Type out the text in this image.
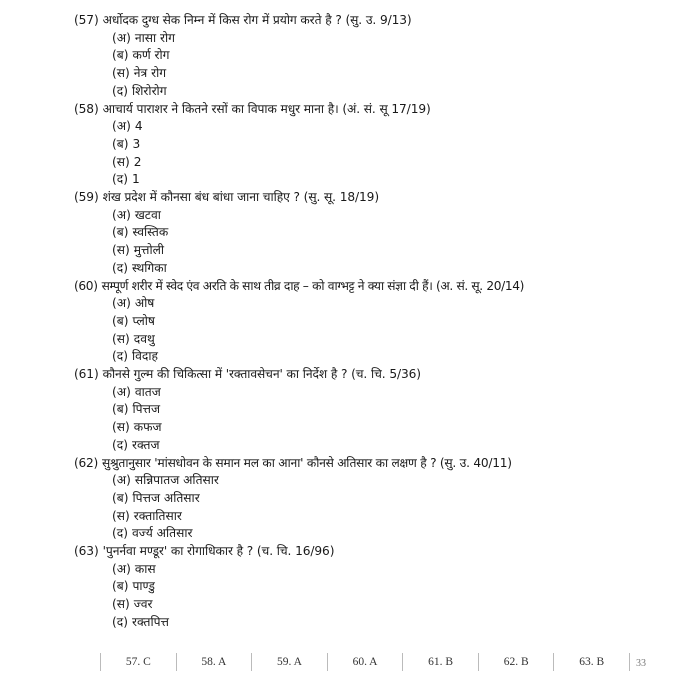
(57) अर्धोदक दुग्ध सेक निम्न में किस रोग में प्रयोग करते है ? (सु. उ. 9/13)
(अ) नासा रोग
(ब) कर्ण रोग
(स) नेत्र रोग
(द) शिरोरोग
(58) आचार्य पाराशर ने कितने रसों का विपाक मधुर माना है। (अं. सं. सू 17/19)
(अ) 4
(ब) 3
(स) 2
(द) 1
(59) शंख प्रदेश में कौनसा बंध बांधा जाना चाहिए ? (सु. सू. 18/19)
(अ) खटवा
(ब) स्वस्तिक
(स) मुत्तोली
(द) स्थगिका
(60) सम्पूर्ण शरीर में स्वेद एंव अरति के साथ तीव्र दाह – को वाग्भट्ट ने क्या संज्ञा दी हैं। (अ. सं. सू. 20/14)
(अ) ओष
(ब) प्लोष
(स) दवथु
(द) विदाह
(61) कौनसे गुल्म की चिकित्सा में 'रक्तावसेचन' का निर्देश है ? (च. चि. 5/36)
(अ) वातज
(ब) पित्तज
(स) कफज
(द) रक्तज
(62) सुश्रुतानुसार 'मांसधोवन के समान मल का आना' कौनसे अतिसार का लक्षण है ? (सु. उ. 40/11)
(अ) सन्निपातज अतिसार
(ब) पित्तज अतिसार
(स) रक्तातिसार
(द) वर्ज्य अतिसार
(63) 'पुनर्नवा मण्डूर' का रोगाधिकार है ? (च. चि. 16/96)
(अ) कास
(ब) पाण्डु
(स) ज्वर
(द) रक्तपित्त
57. C	58. A	59. A	60. A	61. B	62. B	63. B	33
